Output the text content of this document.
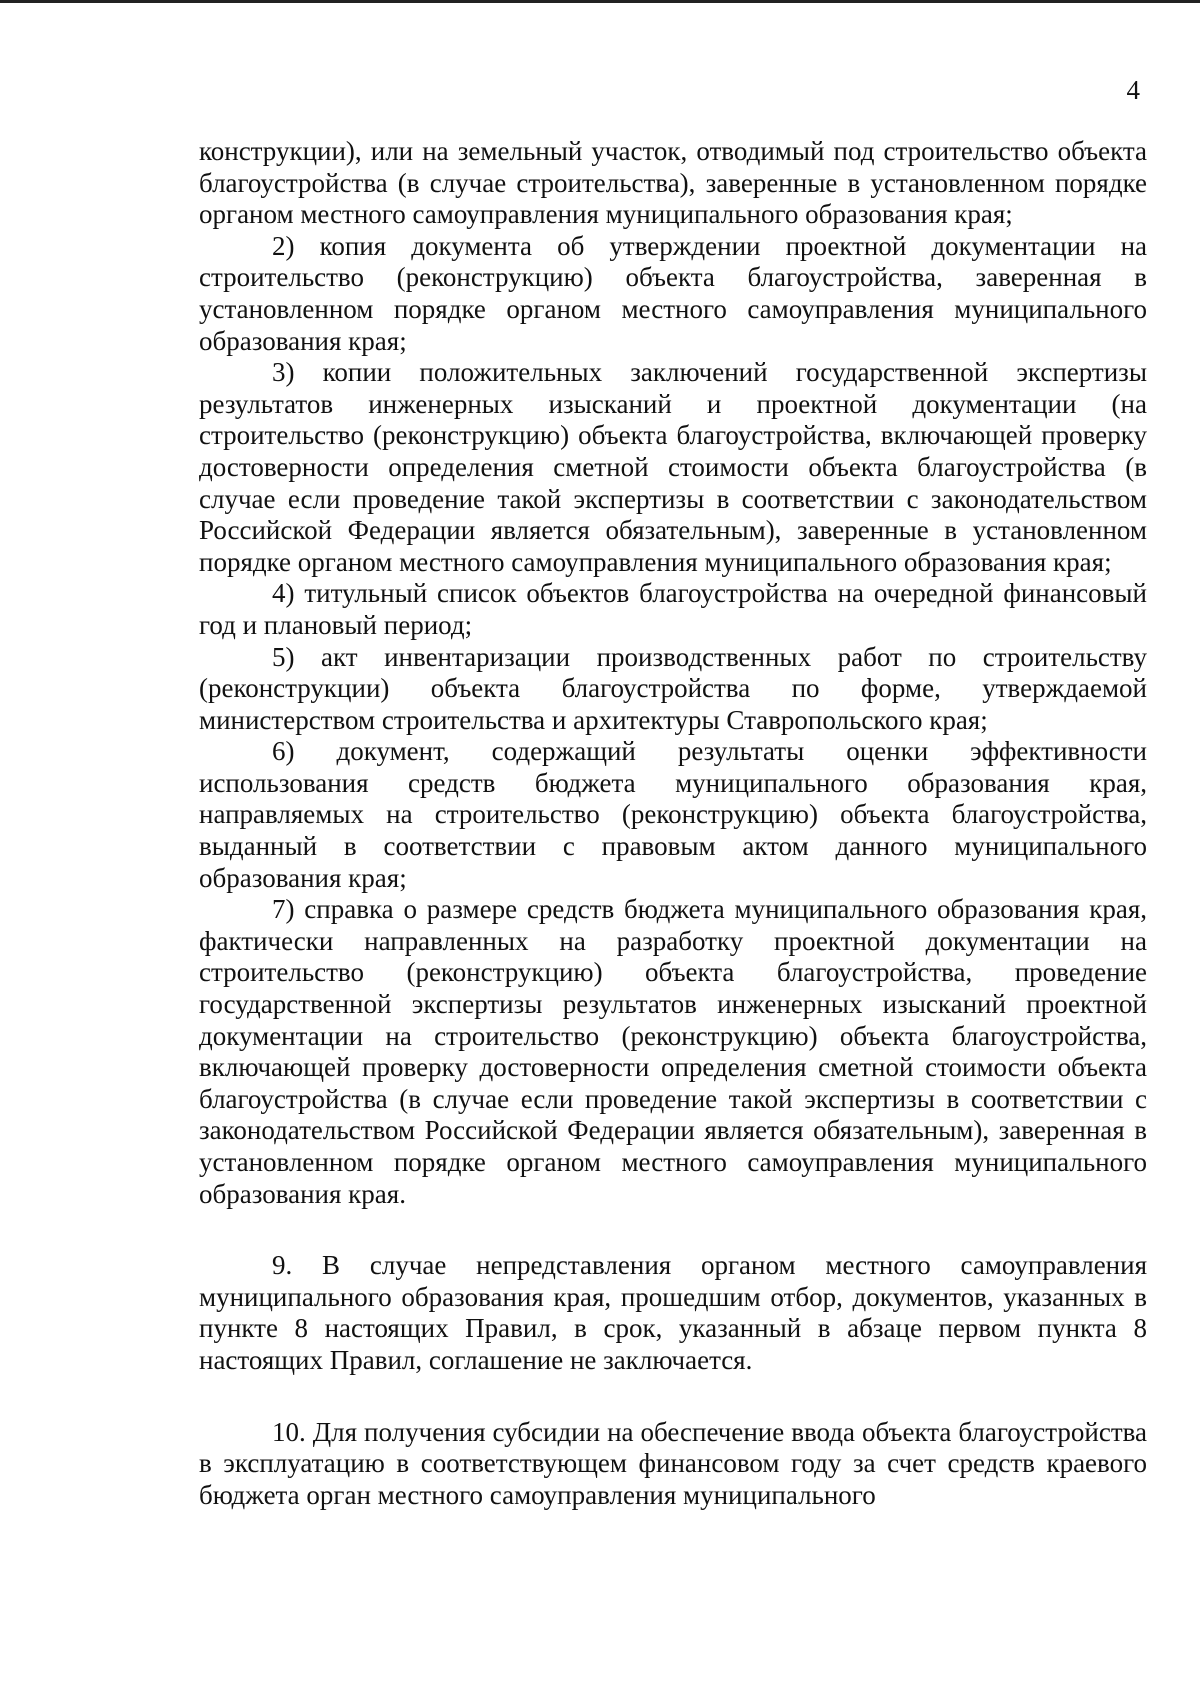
4

конструкции), или на земельный участок, отводимый под строительство объекта благоустройства (в случае строительства), заверенные в установленном порядке органом местного самоуправления муниципального образования края;

2) копия документа об утверждении проектной документации на строительство (реконструкцию) объекта благоустройства, заверенная в установленном порядке органом местного самоуправления муниципального образования края;

3) копии положительных заключений государственной экспертизы результатов инженерных изысканий и проектной документации (на строительство (реконструкцию) объекта благоустройства, включающей проверку достоверности определения сметной стоимости объекта благоустройства (в случае если проведение такой экспертизы в соответствии с законодательством Российской Федерации является обязательным), заверенные в установленном порядке органом местного самоуправления муниципального образования края;

4) титульный список объектов благоустройства на очередной финансовый год и плановый период;

5) акт инвентаризации производственных работ по строительству (реконструкции) объекта благоустройства по форме, утверждаемой министерством строительства и архитектуры Ставропольского края;

6) документ, содержащий результаты оценки эффективности использования средств бюджета муниципального образования края, направляемых на строительство (реконструкцию) объекта благоустройства, выданный в соответствии с правовым актом данного муниципального образования края;

7) справка о размере средств бюджета муниципального образования края, фактически направленных на разработку проектной документации на строительство (реконструкцию) объекта благоустройства, проведение государственной экспертизы результатов инженерных изысканий проектной документации на строительство (реконструкцию) объекта благоустройства, включающей проверку достоверности определения сметной стоимости объекта благоустройства (в случае если проведение такой экспертизы в соответствии с законодательством Российской Федерации является обязательным), заверенная в установленном порядке органом местного самоуправления муниципального образования края.

9. В случае непредставления органом местного самоуправления муниципального образования края, прошедшим отбор, документов, указанных в пункте 8 настоящих Правил, в срок, указанный в абзаце первом пункта 8 настоящих Правил, соглашение не заключается.

10. Для получения субсидии на обеспечение ввода объекта благоустройства в эксплуатацию в соответствующем финансовом году за счет средств краевого бюджета орган местного самоуправления муниципального
